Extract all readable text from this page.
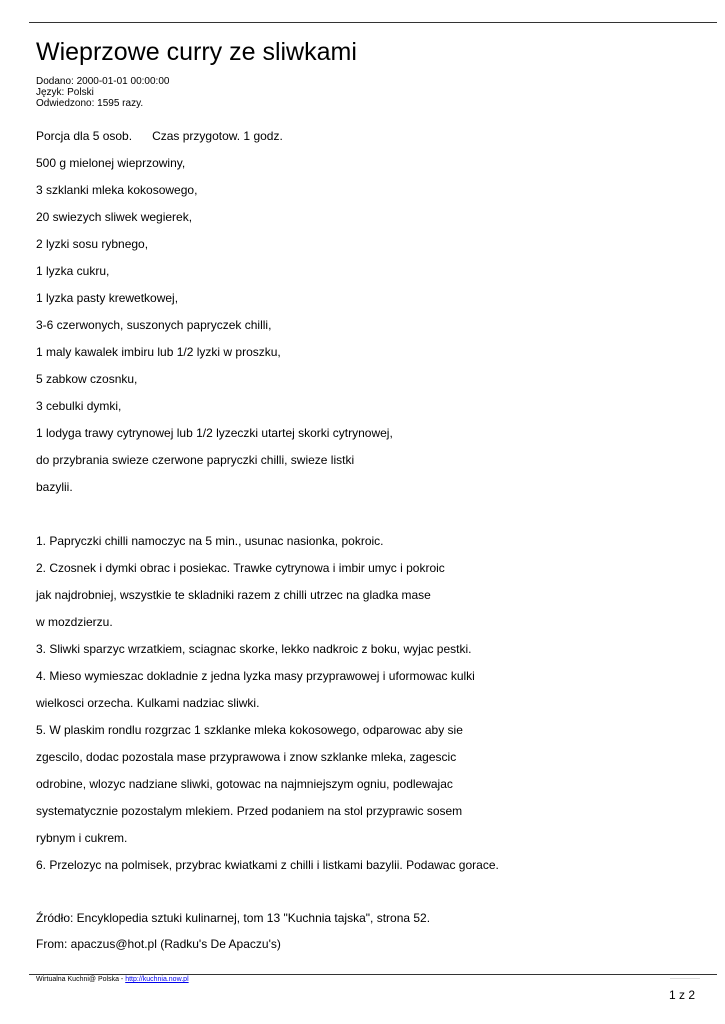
Wieprzowe curry ze sliwkami
Dodano: 2000-01-01 00:00:00
Język: Polski
Odwiedzono: 1595 razy.
Porcja dla 5 osob. Czas przygotow. 1 godz.
500 g mielonej wieprzowiny,
3 szklanki mleka kokosowego,
20 swiezych sliwek wegierek,
2 lyzki sosu rybnego,
1 lyzka cukru,
1 lyzka pasty krewetkowej,
3-6 czerwonych, suszonych papryczek chilli,
1 maly kawalek imbiru lub 1/2 lyzki w proszku,
5 zabkow czosnku,
3 cebulki dymki,
1 lodyga trawy cytrynowej lub 1/2 lyzeczki utartej skorki cytrynowej,
do przybrania swieze czerwone papryczki chilli, swieze listki
bazylii.
1. Papryczki chilli namoczyc na 5 min., usunac nasionka, pokroic.
2. Czosnek i dymki obrac i posiekac. Trawke cytrynowa i imbir umyc i pokroic
jak najdrobniej, wszystkie te skladniki razem z chilli utrzec na gladka mase
w mozdzierzu.
3. Sliwki sparzyc wrzatkiem, sciagnac skorke, lekko nadkroic z boku, wyjac pestki.
4. Mieso wymieszac dokladnie z jedna lyzka masy przyprawowej i uformowac kulki
wielkosci orzecha. Kulkami nadziac sliwki.
5. W plaskim rondlu rozgrzac 1 szklanke mleka kokosowego, odparowac aby sie
zgescilo, dodac pozostala mase przyprawowa i znow szklanke mleka, zagescic
odrobine, wlozyc nadziane sliwki, gotowac na najmniejszym ogniu, podlewajac
systematycznie pozostalym mlekiem. Przed podaniem na stol przyprawic sosem
rybnym i cukrem.
6. Przelozyc na polmisek, przybrac kwiatkami z chilli i listkami bazylii. Podawac gorace.
Źródło: Encyklopedia sztuki kulinarnej, tom 13 "Kuchnia tajska", strona 52.
From: apaczus@hot.pl (Radku's De Apaczu's)
Wirtualna Kuchni@ Polska - http://kuchnia.now.pl
1 z 2
